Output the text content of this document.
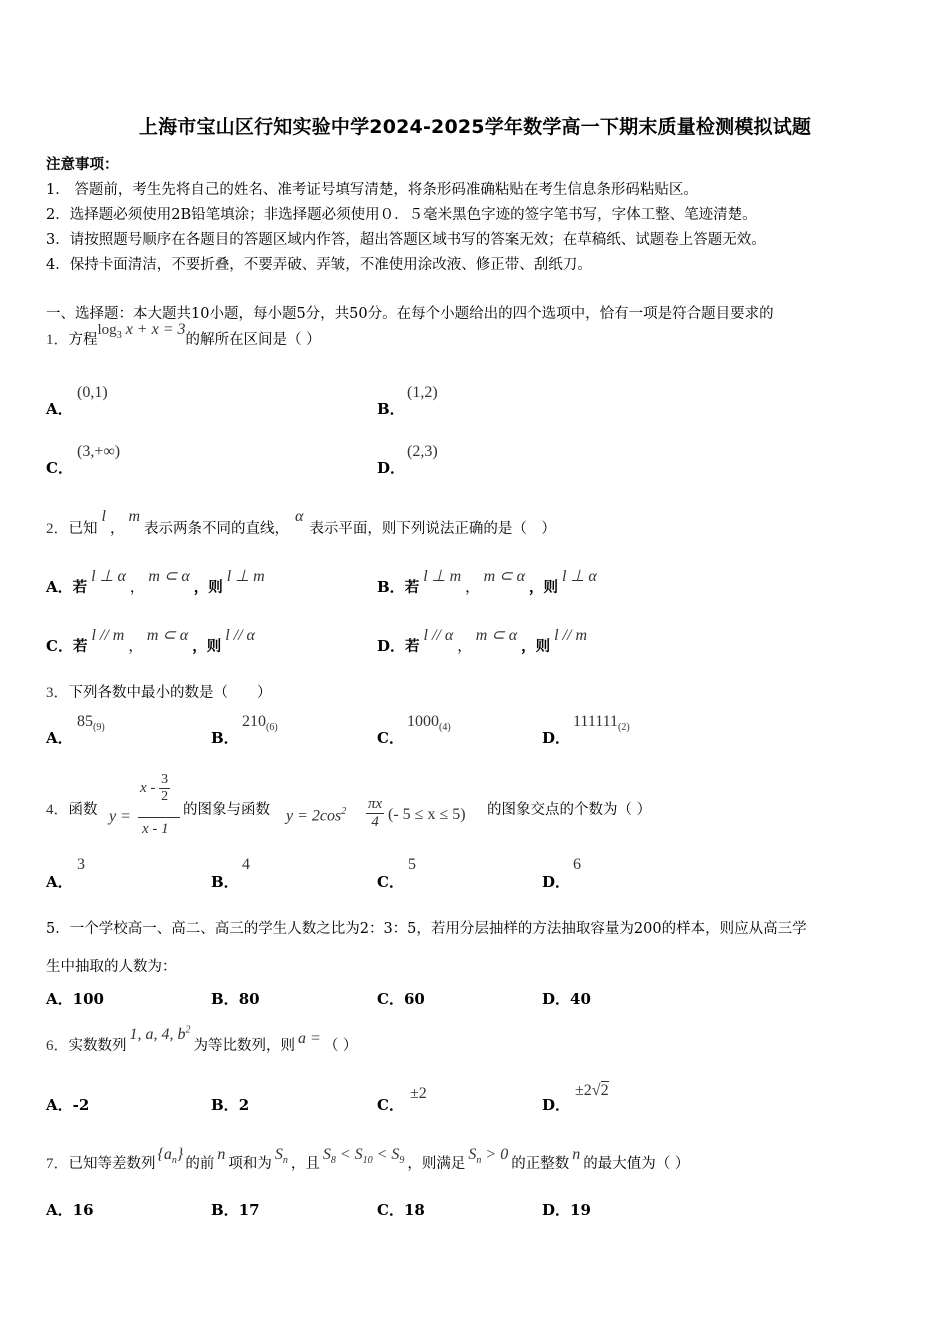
上海市宝山区行知实验中学2024-2025学年数学高一下期末质量检测模拟试题
注意事项：
1． 答题前，考生先将自己的姓名、准考证号填写清楚，将条形码准确粘贴在考生信息条形码粘贴区。
2．选择题必须使用2B铅笔填涂；非选择题必须使用０．５毫米黑色字迹的签字笔书写，字体工整、笔迹清楚。
3．请按照题号顺序在各题目的答题区域内作答，超出答题区域书写的答案无效；在草稿纸、试题卷上答题无效。
4．保持卡面清洁，不要折叠，不要弄破、弄皱，不准使用涂改液、修正带、刮纸刀。
一、选择题：本大题共10小题，每小题5分，共50分。在每个小题给出的四个选项中，恰有一项是符合题目要求的
1．方程$\log_3 x + x = 3$的解所在区间是（ ）
A．
(0,1)
B．
(1,2)
C．
(3,+∞)
D．
(2,3)
2．已知l，m表示两条不同的直线，α表示平面，则下列说法正确的是（　）
A．若l ⊥ α，m ⊂ α，则l ⊥ m
B．若l ⊥ m，m ⊂ α，则l ⊥ α
C．若l // m，m ⊂ α，则l // α
D．若l // α，m ⊂ α，则l // m
3．下列各数中最小的数是（　　）
A．
$85_{(9)}$
B．
$210_{(6)}$
C．
$1000_{(4)}$
D．
$111111_{(2)}$
4．函数 y =
x - $\frac{3}{2}$
x - 1
的图象与函数 $y = 2\cos^2 \frac{\pi x}{4}$ (- 5 ≤ x ≤ 5) 的图象交点的个数为（ ）
A．
3
B．
4
C．
5
D．
6
5．一个学校高一、高二、高三的学生人数之比为2：3：5，若用分层抽样的方法抽取容量为200的样本，则应从高三学
生中抽取的人数为：
A．100	B．80	C．60	D．40
6．实数数列1, a, 4, $b^2$为等比数列，则 a = （ ）
A．-2	B．2	C．
±2
D．
±2√2
7．已知等差数列$\{a_n\}$的前n项和为$S_n$ ，且$S_8 < S_{10} < S_9$ ，则满足$S_n > 0$的正整数n的最大值为（ ）
A．16	B．17	C．18	D．19
